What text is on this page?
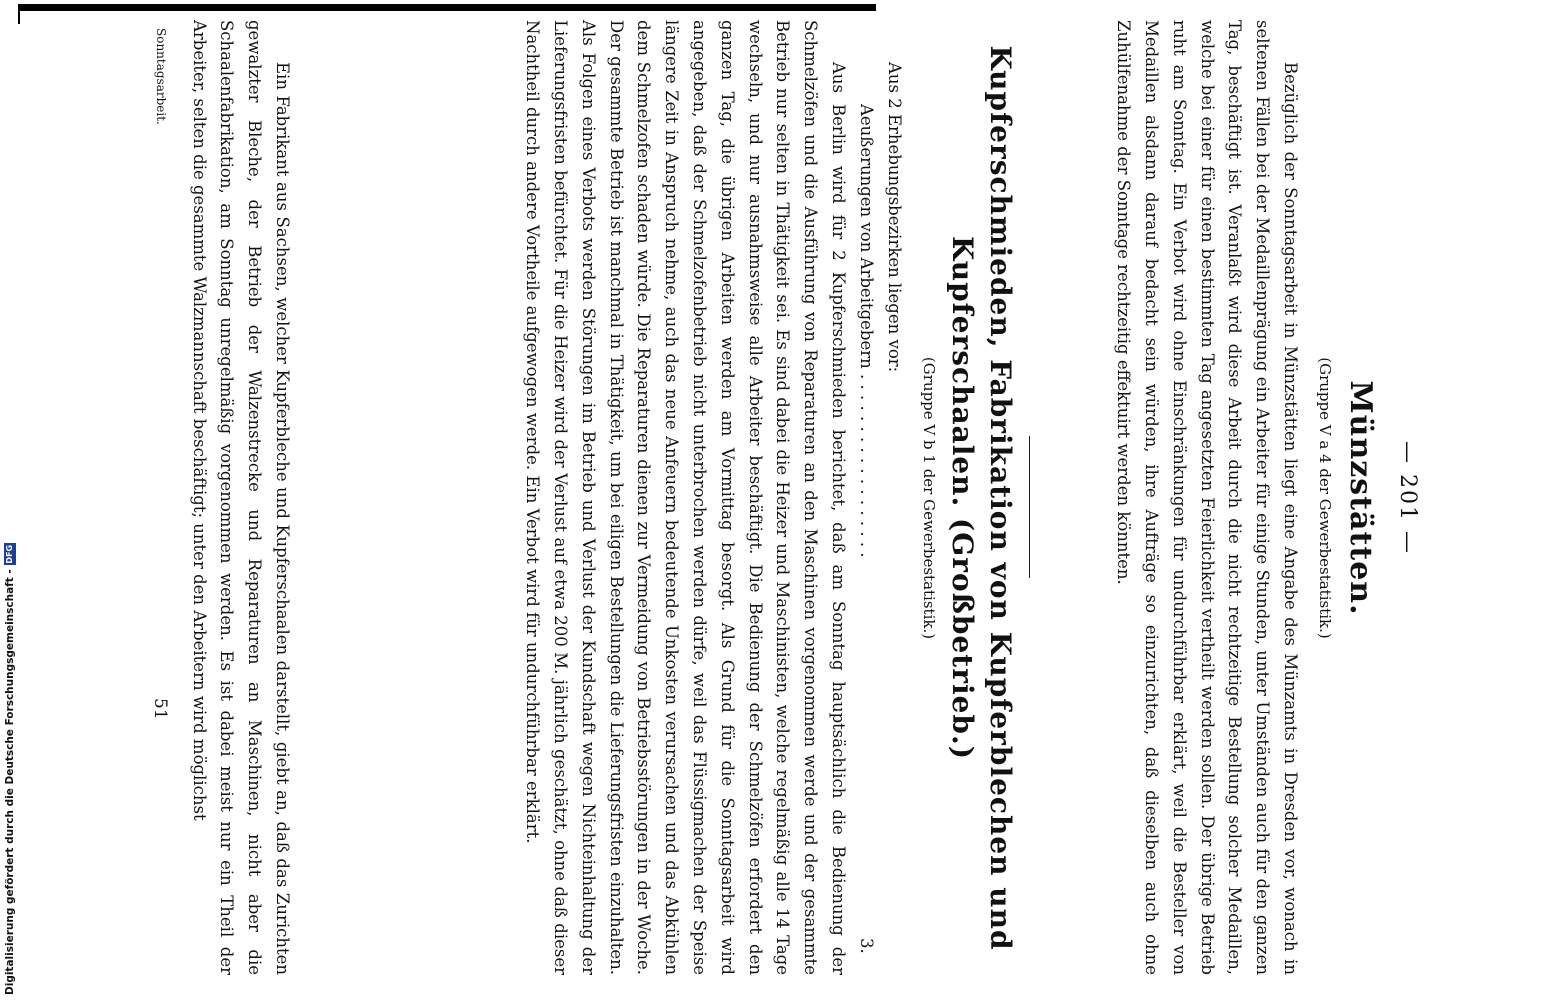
— 201 —
Münzstätten.
(Gruppe V a 4 der Gewerbestatistik.)
Bezüglich der Sonntagsarbeit in Münzstätten liegt eine Angabe des Münzamts in Dresden vor, wonach in seltenen Fällen bei der Medaillenprägung ein Arbeiter für einige Stunden, unter Umständen auch für den ganzen Tag, beschäftigt ist. Veranlaßt wird diese Arbeit durch die nicht rechtzeitige Bestellung solcher Medaillen, welche bei einer für einen bestimmten Tag angesetzten Feierlichkeit vertheilt werden sollen. Der übrige Betrieb ruht am Sonntag. Ein Verbot wird ohne Einschränkungen für undurchführbar erklärt, weil die Besteller von Medaillen alsdann darauf bedacht sein würden, ihre Aufträge so einzurichten, daß dieselben auch ohne Zuhülfenahme der Sonntage rechtzeitig effektuirt werden könnten.
Kupferschmieden, Fabrikation von Kupferblechen und
Kupferschaalen. (Großbetrieb.)
(Gruppe V b 1 der Gewerbestatistik.)
Aus 2 Erhebungsbezirken liegen vor:
Aeußerungen von Arbeitgebern . . . . . . . . . . . . . . . . . .
3.
Aus Berlin wird für 2 Kupferschmieden berichtet, daß am Sonntag hauptsächlich die Bedienung der Schmelzöfen und die Ausführung von Reparaturen an den Maschinen vorgenommen werde und der gesammte Betrieb nur selten in Thätigkeit sei. Es sind dabei die Heizer und Maschinisten, welche regelmäßig alle 14 Tage wechseln, und nur ausnahmsweise alle Arbeiter beschäftigt. Die Bedienung der Schmelzöfen erfordert den ganzen Tag, die übrigen Arbeiten werden am Vormittag besorgt. Als Grund für die Sonntagsarbeit wird angegeben, daß der Schmelzofenbetrieb nicht unterbrochen werden dürfe, weil das Flüssigmachen der Speise längere Zeit in Anspruch nehme, auch das neue Anfeuern bedeutende Unkosten verursachen und das Abkühlen dem Schmelzofen schaden würde. Die Reparaturen dienen zur Vermeidung von Betriebsstörungen in der Woche. Der gesammte Betrieb ist manchmal in Thätigkeit, um bei eiligen Bestellungen die Lieferungsfristen einzuhalten. Als Folgen eines Verbots werden Störungen im Betrieb und Verlust der Kundschaft wegen Nichteinhaltung der Lieferungsfristen befürchtet. Für die Heizer wird der Verlust auf etwa 200 M. jährlich geschätzt, ohne daß dieser Nachtheil durch andere Vortheile aufgewogen werde. Ein Verbot wird für undurchführbar erklärt.
Ein Fabrikant aus Sachsen, welcher Kupferbleche und Kupferschaalen darstellt, giebt an, daß das Zurichten gewalzter Bleche, der Betrieb der Walzenstrecke und Reparaturen an Maschinen, nicht aber die Schaalenfabrikation, am Sonntag unregelmäßig vorgenommen werden. Es ist dabei meist nur ein Theil der Arbeiter, selten die gesammte Walzmannschaft beschäftigt; unter den Arbeitern wird möglichst
Sonntagsarbeit.
51
Digitalisierung gefördert durch die Deutsche Forschungsgemeinschaft -
DFG
